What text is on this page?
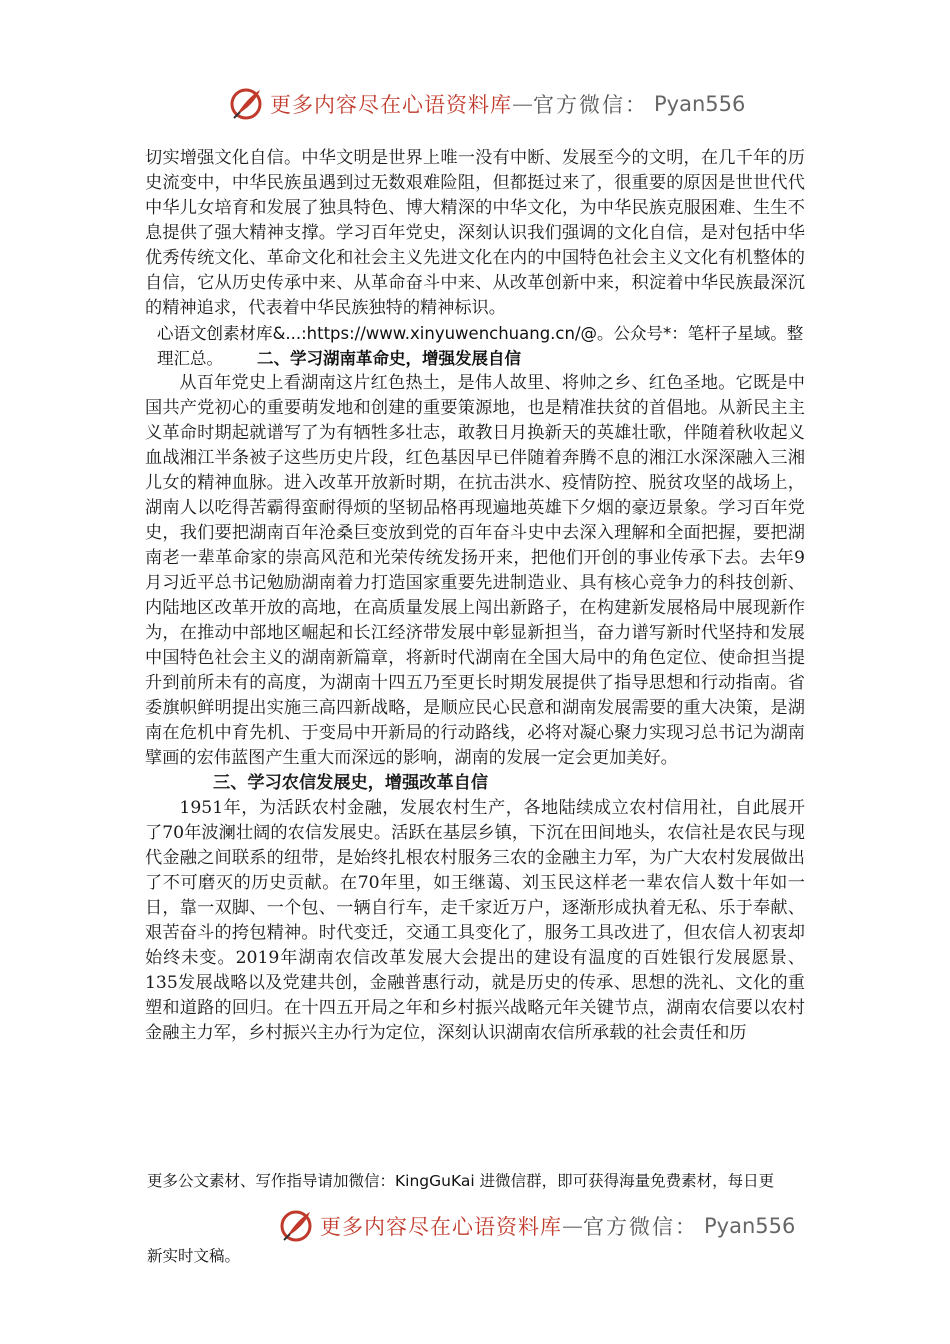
更多内容尽在心语资料库 — 官方微信： Pyan556

切实增强文化自信。中华文明是世界上唯一没有中断、发展至今的文明，在几千年的历史流变中，中华民族虽遇到过无数艰难险阻，但都挺过来了，很重要的原因是世世代代中华儿女培育和发展了独具特色、博大精深的中华文化，为中华民族克服困难、生生不息提供了强大精神支撑。学习百年党史，深刻认识我们强调的文化自信，是对包括中华优秀传统文化、革命文化和社会主义先进文化在内的中国特色社会主义文化有机整体的自信，它从历史传承中来、从革命奋斗中来、从改革创新中来，积淀着中华民族最深沉的精神追求，代表着中华民族独特的精神标识。

心语文创素材库&...:https://www.xinyuwenchuang.cn/@。公众号*：笔杆子星域。整理汇总。 二、学习湖南革命史，增强发展自信

从百年党史上看湖南这片红色热土，是伟人故里、将帅之乡、红色圣地。它既是中国共产党初心的重要萌发地和创建的重要策源地，也是精准扶贫的首倡地。从新民主主义革命时期起就谱写了为有牺牲多壮志，敢教日月换新天的英雄壮歌，伴随着秋收起义血战湘江半条被子这些历史片段，红色基因早已伴随着奔腾不息的湘江水深深融入三湘儿女的精神血脉。进入改革开放新时期，在抗击洪水、疫情防控、脱贫攻坚的战场上，湖南人以吃得苦霸得蛮耐得烦的坚韧品格再现遍地英雄下夕烟的豪迈景象。学习百年党史，我们要把湖南百年沧桑巨变放到党的百年奋斗史中去深入理解和全面把握，要把湖南老一辈革命家的崇高风范和光荣传统发扬开来，把他们开创的事业传承下去。去年9月习近平总书记勉励湖南着力打造国家重要先进制造业、具有核心竞争力的科技创新、内陆地区改革开放的高地，在高质量发展上闯出新路子，在构建新发展格局中展现新作为，在推动中部地区崛起和长江经济带发展中彰显新担当，奋力谱写新时代坚持和发展中国特色社会主义的湖南新篇章，将新时代湖南在全国大局中的角色定位、使命担当提升到前所未有的高度，为湖南十四五乃至更长时期发展提供了指导思想和行动指南。省委旗帜鲜明提出实施三高四新战略，是顺应民心民意和湖南发展需要的重大决策，是湖南在危机中育先机、于变局中开新局的行动路线，必将对凝心聚力实现习总书记为湖南擘画的宏伟蓝图产生重大而深远的影响，湖南的发展一定会更加美好。

三、学习农信发展史，增强改革自信

1951年，为活跃农村金融，发展农村生产，各地陆续成立农村信用社，自此展开了70年波澜壮阔的农信发展史。活跃在基层乡镇，下沉在田间地头，农信社是农民与现代金融之间联系的纽带，是始终扎根农村服务三农的金融主力军，为广大农村发展做出了不可磨灭的历史贡献。在70年里，如王继蔼、刘玉民这样老一辈农信人数十年如一日，靠一双脚、一个包、一辆自行车，走千家近万户，逐渐形成执着无私、乐于奉献、艰苦奋斗的挎包精神。时代变迁，交通工具变化了，服务工具改进了，但农信人初衷却始终未变。2019年湖南农信改革发展大会提出的建设有温度的百姓银行发展愿景、135发展战略以及党建共创，金融普惠行动，就是历史的传承、思想的洗礼、文化的重塑和道路的回归。在十四五开局之年和乡村振兴战略元年关键节点，湖南农信要以农村金融主力军，乡村振兴主办行为定位，深刻认识湖南农信所承载的社会责任和历

更多公文素材、写作指导请加微信：KingGuKai 进微信群，即可获得海量免费素材，每日更
更多内容尽在心语资料库 — 官方微信： Pyan556
新实时文稿。
